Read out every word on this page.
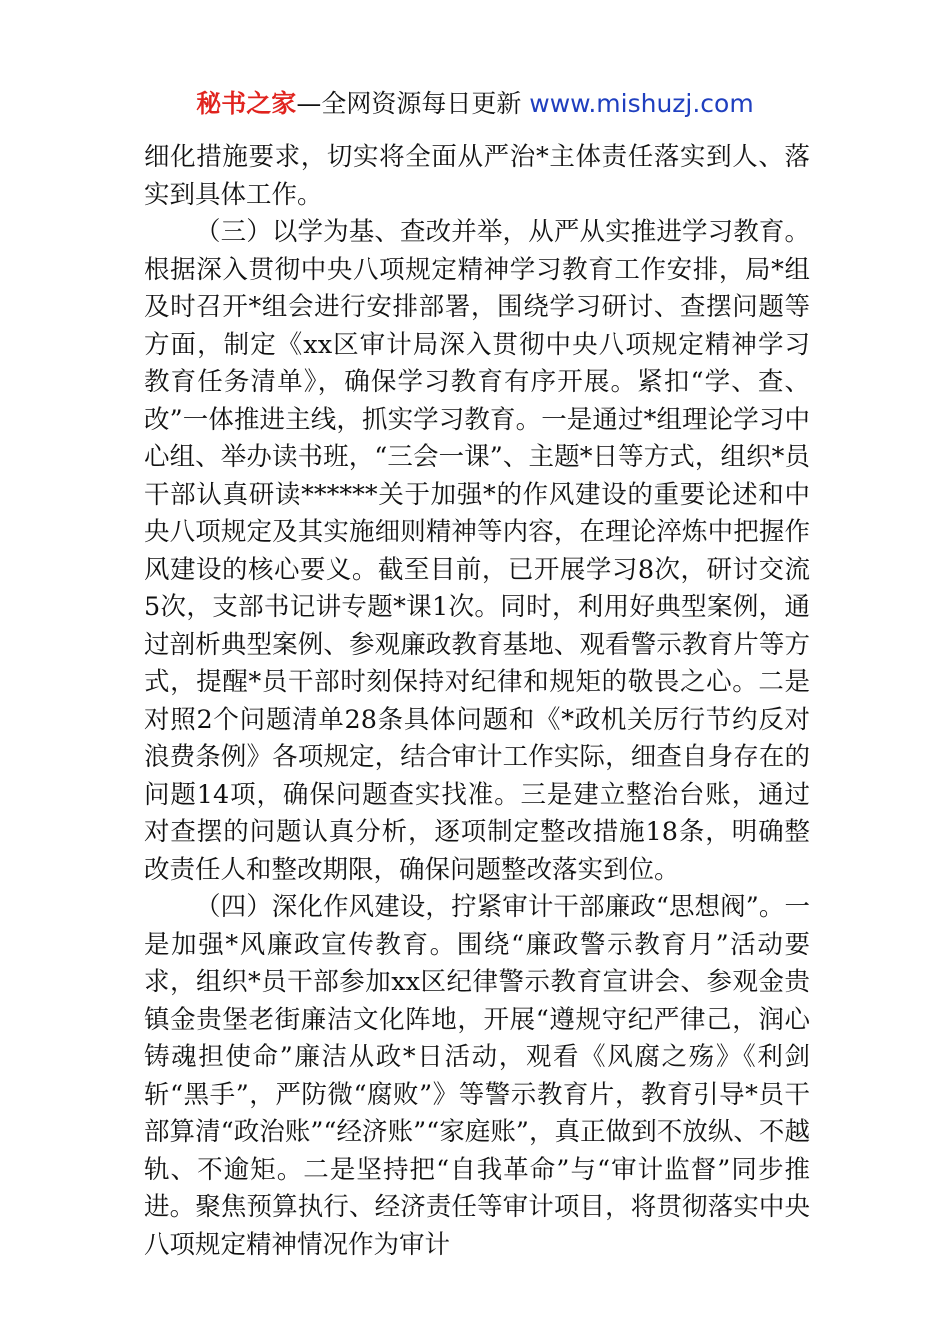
秘书之家—全网资源每日更新 www.mishuzj.com

细化措施要求，切实将全面从严治*主体责任落实到人、落实到具体工作。

（三）以学为基、查改并举，从严从实推进学习教育。根据深入贯彻中央八项规定精神学习教育工作安排，局*组及时召开*组会进行安排部署，围绕学习研讨、查摆问题等方面，制定《xx区审计局深入贯彻中央八项规定精神学习教育任务清单》，确保学习教育有序开展。紧扣“学、查、改”一体推进主线，抓实学习教育。一是通过*组理论学习中心组、举办读书班，“三会一课”、主题*日等方式，组织*员干部认真研读******关于加强*的作风建设的重要论述和中央八项规定及其实施细则精神等内容，在理论淬炼中把握作风建设的核心要义。截至目前，已开展学习8次，研讨交流5次，支部书记讲专题*课1次。同时，利用好典型案例，通过剖析典型案例、参观廉政教育基地、观看警示教育片等方式，提醒*员干部时刻保持对纪律和规矩的敬畏之心。二是对照2个问题清单28条具体问题和《*政机关厉行节约反对浪费条例》各项规定，结合审计工作实际，细查自身存在的问题14项，确保问题查实找准。三是建立整治台账，通过对查摆的问题认真分析，逐项制定整改措施18条，明确整改责任人和整改期限，确保问题整改落实到位。

（四）深化作风建设，拧紧审计干部廉政“思想阀”。一是加强*风廉政宣传教育。围绕“廉政警示教育月”活动要求，组织*员干部参加xx区纪律警示教育宣讲会、参观金贵镇金贵堡老街廉洁文化阵地，开展“遵规守纪严律己，润心铸魂担使命”廉洁从政*日活动，观看《风腐之殇》《利剑斩“黑手”，严防微“腐败”》等警示教育片，教育引导*员干部算清“政治账”“经济账”“家庭账”，真正做到不放纵、不越轨、不逾矩。二是坚持把“自我革命”与“审计监督”同步推进。聚焦预算执行、经济责任等审计项目，将贯彻落实中央八项规定精神情况作为审计
